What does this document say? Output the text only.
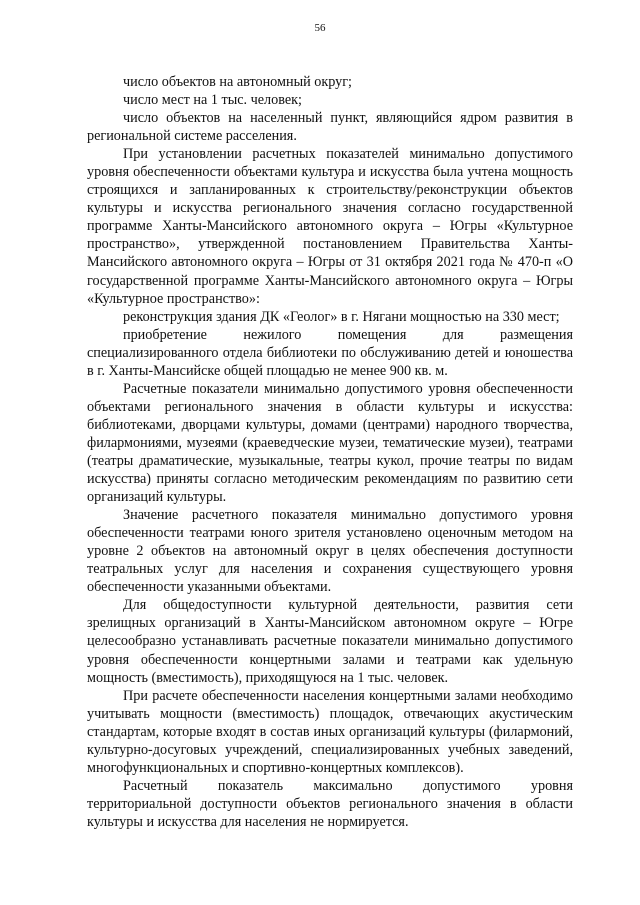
56

число объектов на автономный округ;

число мест на 1 тыс. человек;

число объектов на населенный пункт, являющийся ядром развития в региональной системе расселения.

При установлении расчетных показателей минимально допустимого уровня обеспеченности объектами культура и искусства была учтена мощность строящихся и запланированных к строительству/реконструкции объектов культуры и искусства регионального значения согласно государственной программе Ханты-Мансийского автономного округа – Югры «Культурное пространство», утвержденной постановлением Правительства Ханты-Мансийского автономного округа – Югры от 31 октября 2021 года № 470-п «О государственной программе Ханты-Мансийского автономного округа – Югры «Культурное пространство»:

реконструкция здания ДК «Геолог» в г. Нягани мощностью на 330 мест;

приобретение нежилого помещения для размещения специализированного отдела библиотеки по обслуживанию детей и юношества в г. Ханты-Мансийске общей площадью не менее 900 кв. м.

Расчетные показатели минимально допустимого уровня обеспеченности объектами регионального значения в области культуры и искусства: библиотеками, дворцами культуры, домами (центрами) народного творчества, филармониями, музеями (краеведческие музеи, тематические музеи), театрами (театры драматические, музыкальные, театры кукол, прочие театры по видам искусства) приняты согласно методическим рекомендациям по развитию сети организаций культуры.

Значение расчетного показателя минимально допустимого уровня обеспеченности театрами юного зрителя установлено оценочным методом на уровне 2 объектов на автономный округ в целях обеспечения доступности театральных услуг для населения и сохранения существующего уровня обеспеченности указанными объектами.

Для общедоступности культурной деятельности, развития сети зрелищных организаций в Ханты-Мансийском автономном округе – Югре целесообразно устанавливать расчетные показатели минимально допустимого уровня обеспеченности концертными залами и театрами как удельную мощность (вместимость), приходящуюся на 1 тыс. человек.

При расчете обеспеченности населения концертными залами необходимо учитывать мощности (вместимость) площадок, отвечающих акустическим стандартам, которые входят в состав иных организаций культуры (филармоний, культурно-досуговых учреждений, специализированных учебных заведений, многофункциональных и спортивно-концертных комплексов).

Расчетный показатель максимально допустимого уровня территориальной доступности объектов регионального значения в области культуры и искусства для населения не нормируется.
